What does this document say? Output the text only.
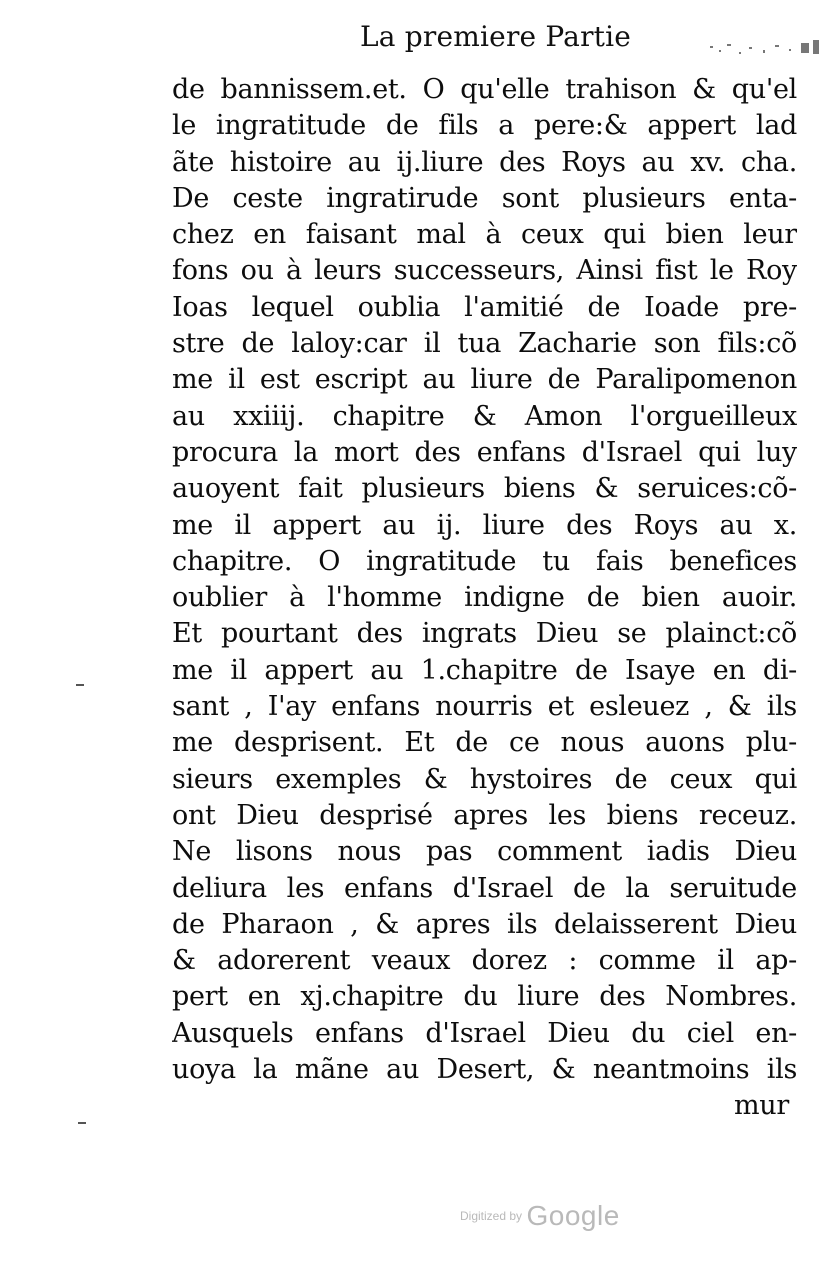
La premiere Partie
de bannissem.et. O qu'elle trahison & qu'el
le ingratitude de fils a pere:& appert lad
ãte histoire au ij.liure des Roys au xv. cha.
De ceste ingratirude sont plusieurs enta-
chez en faisant mal à ceux qui bien leur
fons ou à leurs successeurs, Ainsi fist le Roy
Ioas lequel oublia l'amitié de Ioade pre-
stre de laloy:car il tua Zacharie son fils:cõ
me il est escript au liure de Paralipomenon
au xxiiij. chapitre & Amon l'orgueilleux
procura la mort des enfans d'Israel qui luy
auoyent fait plusieurs biens & seruices:cõ-
me il appert au ij. liure des Roys au x.
chapitre. O ingratitude tu fais benefices
oublier à l'homme indigne de bien auoir.
Et pourtant des ingrats Dieu se plainct:cõ
me il appert au 1.chapitre de Isaye en di-
sant , I'ay enfans nourris et esleuez , & ils
me desprisent. Et de ce nous auons plu-
sieurs exemples & hystoires de ceux qui
ont Dieu desprisé apres les biens receuz.
Ne lisons nous pas comment iadis Dieu
deliura les enfans d'Israel de la seruitude
de Pharaon , & apres ils delaisserent Dieu
& adorerent veaux dorez : comme il ap-
pert en xj.chapitre du liure des Nombres.
Ausquels enfans d'Israel Dieu du ciel en-
uoya la mãne au Desert, & neantmoins ils
mur
Digitized by Google
